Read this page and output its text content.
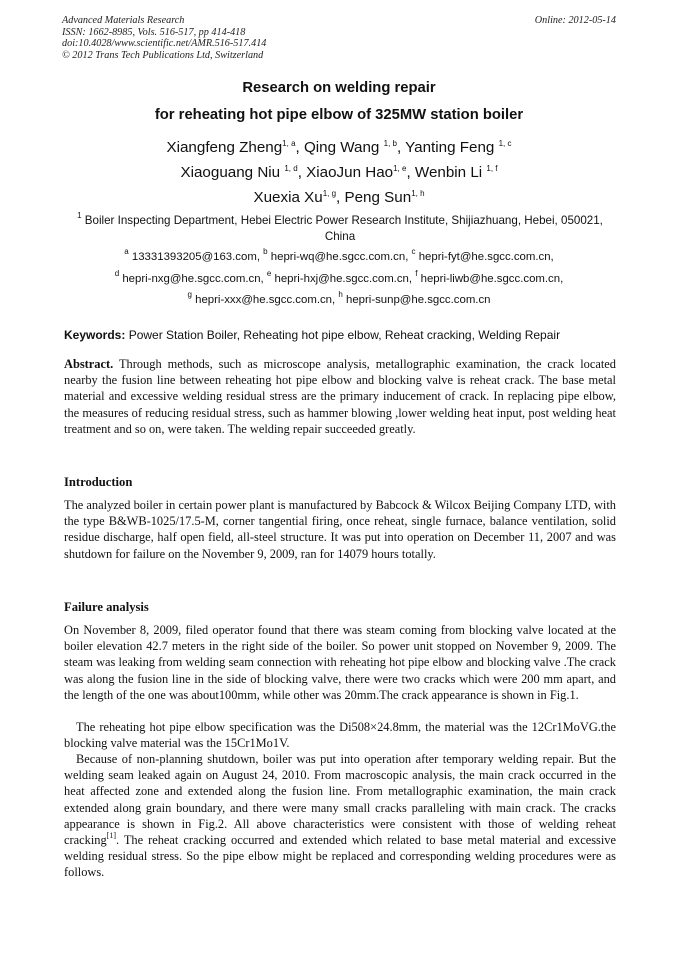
Advanced Materials Research
ISSN: 1662-8985, Vols. 516-517, pp 414-418
doi:10.4028/www.scientific.net/AMR.516-517.414
© 2012 Trans Tech Publications Ltd, Switzerland
Online: 2012-05-14
Research on welding repair
for reheating hot pipe elbow of 325MW station boiler
Xiangfeng Zheng$^{1, a}$, Qing Wang $^{1, b}$, Yanting Feng $^{1, c}$
Xiaoguang Niu $^{1, d}$, XiaoJun Hao$^{1, e}$, Wenbin Li $^{1, f}$
Xuexia Xu$^{1, g}$, Peng Sun$^{1, h}$
$^1$ Boiler Inspecting Department, Hebei Electric Power Research Institute, Shijiazhuang, Hebei, 050021, China
$^a$ 13331393205@163.com, $^b$ hepri-wq@he.sgcc.com.cn, $^c$ hepri-fyt@he.sgcc.com.cn,
$^d$ hepri-nxg@he.sgcc.com.cn, $^e$ hepri-hxj@he.sgcc.com.cn, $^f$ hepri-liwb@he.sgcc.com.cn,
$^g$ hepri-xxx@he.sgcc.com.cn, $^h$ hepri-sunp@he.sgcc.com.cn
Keywords: Power Station Boiler, Reheating hot pipe elbow, Reheat cracking, Welding Repair
Abstract. Through methods, such as microscope analysis, metallographic examination, the crack located nearby the fusion line between reheating hot pipe elbow and blocking valve is reheat crack. The base metal material and excessive welding residual stress are the primary inducement of crack. In replacing pipe elbow, the measures of reducing residual stress, such as hammer blowing ,lower welding heat input, post welding heat treatment and so on, were taken. The welding repair succeeded greatly.
Introduction
The analyzed boiler in certain power plant is manufactured by Babcock & Wilcox Beijing Company LTD, with the type B&WB-1025/17.5-M, corner tangential firing, once reheat, single furnace, balance ventilation, solid residue discharge, half open field, all-steel structure. It was put into operation on December 11, 2007 and was shutdown for failure on the November 9, 2009, ran for 14079 hours totally.
Failure analysis
On November 8, 2009, filed operator found that there was steam coming from blocking valve located at the boiler elevation 42.7 meters in the right side of the boiler. So power unit stopped on November 9, 2009. The steam was leaking from welding seam connection with reheating hot pipe elbow and blocking valve .The crack was along the fusion line in the side of blocking valve, there were two cracks which were 200 mm apart, and the length of the one was about100mm, while other was 20mm.The crack appearance is shown in Fig.1.
The reheating hot pipe elbow specification was the Di508×24.8mm, the material was the 12Cr1MoVG.the blocking valve material was the 15Cr1Mo1V.
Because of non-planning shutdown, boiler was put into operation after temporary welding repair. But the welding seam leaked again on August 24, 2010. From macroscopic analysis, the main crack occurred in the heat affected zone and extended along the fusion line. From metallographic examination, the main crack extended along grain boundary, and there were many small cracks paralleling with main crack. The cracks appearance is shown in Fig.2. All above characteristics were consistent with those of welding reheat cracking[1]. The reheat cracking occurred and extended which related to base metal material and excessive welding residual stress. So the pipe elbow might be replaced and corresponding welding procedures were as follows.
